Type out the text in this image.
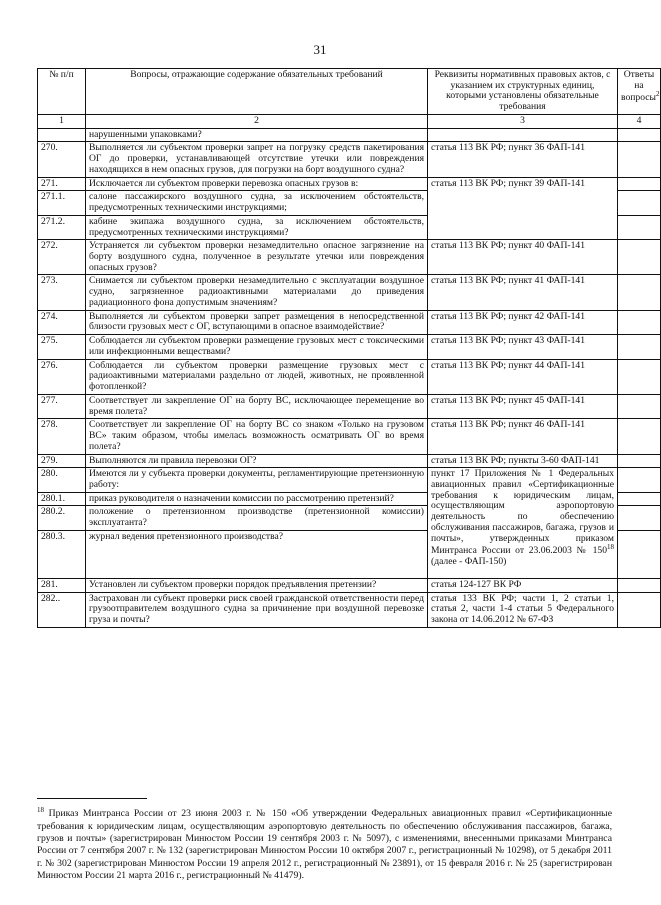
31
№ п/п	Вопросы, отражающие содержание обязательных требований	Реквизиты нормативных правовых актов, с указанием их структурных единиц, которыми установлены обязательные требования	Ответы на вопросы$^2$
1	2	3	4
	нарушенными упаковками?		
270.	Выполняется ли субъектом проверки запрет на погрузку средств пакетирования ОГ до проверки, устанавливающей отсутствие утечки или повреждения находящихся в нем опасных грузов, для погрузки на борт воздушного судна?	статья 113 ВК РФ; пункт 36 ФАП-141	
271.	Исключается ли субъектом проверки перевозка опасных грузов в:	статья 113 ВК РФ; пункт 39 ФАП-141	
271.1.	салоне пассажирского воздушного судна, за исключением обстоятельств, предусмотренных техническими инструкциями;		
271.2.	кабине экипажа воздушного судна, за исключением обстоятельств, предусмотренных техническими инструкциями?		
272.	Устраняется ли субъектом проверки незамедлительно опасное загрязнение на борту воздушного судна, полученное в результате утечки или повреждения опасных грузов?	статья 113 ВК РФ; пункт 40 ФАП-141	
273.	Снимается ли субъектом проверки незамедлительно с эксплуатации воздушное судно, загрязненное радиоактивными материалами до приведения радиационного фона допустимым значениям?	статья 113 ВК РФ; пункт 41 ФАП-141	
274.	Выполняется ли субъектом проверки запрет размещения в непосредственной близости грузовых мест с ОГ, вступающими в опасное взаимодействие?	статья 113 ВК РФ; пункт 42 ФАП-141	
275.	Соблюдается ли субъектом проверки размещение грузовых мест с токсическими или инфекционными веществами?	статья 113 ВК РФ; пункт 43 ФАП-141	
276.	Соблюдается ли субъектом проверки размещение грузовых мест с радиоактивными материалами раздельно от людей, животных, не проявленной фотопленкой?	статья 113 ВК РФ; пункт 44 ФАП-141	
277.	Соответствует ли закрепление ОГ на борту ВС, исключающее перемещение во время полета?	статья 113 ВК РФ; пункт 45 ФАП-141	
278.	Соответствует ли закрепление ОГ на борту ВС со знаком «Только на грузовом ВС» таким образом, чтобы имелась возможность осматривать ОГ во время полета?	статья 113 ВК РФ; пункт 46 ФАП-141	
279.	Выполняются ли правила перевозки ОГ?	статья 113 ВК РФ; пункты 3-60 ФАП-141	
280.	Имеются ли у субъекта проверки документы, регламентирующие претензионную работу:	пункт 17 Приложения № 1 Федеральных авиационных правил «Сертификационные требования к юридическим лицам, осуществляющим аэропортовую деятельность по обеспечению обслуживания пассажиров, багажа, грузов и почты», утвержденных приказом Минтранса России от 23.06.2003 № $150^{18}$ (далее - ФАП-150)	
280.1.	приказ руководителя о назначении комиссии по рассмотрению претензий?		
280.2.	положение о претензионном производстве (претензионной комиссии) эксплуатанта?		
280.3.	журнал ведения претензионного производства?		
281.	Установлен ли субъектом проверки порядок предъявления претензии?	статья 124-127 ВК РФ	
282..	Застрахован ли субъект проверки риск своей гражданской ответственности перед грузоотправителем воздушного судна за причинение при воздушной перевозке груза и почты?	статья 133 ВК РФ; части 1, 2 статьи 1, статья 2, части 1-4 статьи 5 Федерального закона от 14.06.2012 № 67-ФЗ	
$^{18}$ Приказ Минтранса России от 23 июня 2003 г. № 150 «Об утверждении Федеральных авиационных правил «Сертификационные требования к юридическим лицам, осуществляющим аэропортовую деятельность по обеспечению обслуживания пассажиров, багажа, грузов и почты» (зарегистрирован Минюстом России 19 сентября 2003 г. № 5097), с изменениями, внесенными приказами Минтранса России от 7 сентября 2007 г. № 132 (зарегистрирован Минюстом России 10 октября 2007 г., регистрационный № 10298), от 5 декабря 2011 г. № 302 (зарегистрирован Минюстом России 19 апреля 2012 г., регистрационный № 23891), от 15 февраля 2016 г. № 25 (зарегистрирован Минюстом России 21 марта 2016 г., регистрационный № 41479).
